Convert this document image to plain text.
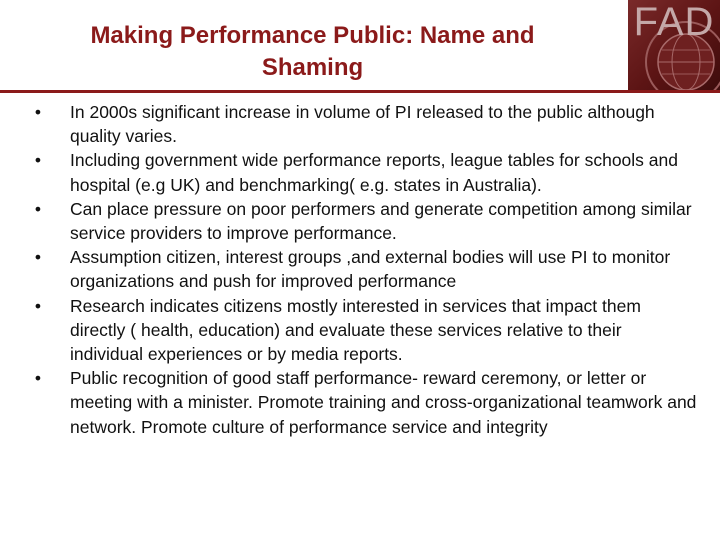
Making Performance Public: Name and Shaming
FAD
•	In 2000s significant increase in volume of PI released to the public although quality varies.
•	Including government wide performance reports, league tables for schools and hospital (e.g UK) and benchmarking( e.g. states in Australia).
•	Can place pressure on poor performers and generate competition among similar service providers to improve performance.
•	Assumption citizen, interest groups ,and external bodies will use PI to monitor organizations and push for improved performance
•	Research indicates citizens mostly interested in services that impact them directly ( health, education) and evaluate these services relative to their individual experiences or by media reports.
•	Public recognition of good staff performance- reward ceremony, or letter or meeting with a minister. Promote training and cross-organizational teamwork and network. Promote culture of performance service and integrity
